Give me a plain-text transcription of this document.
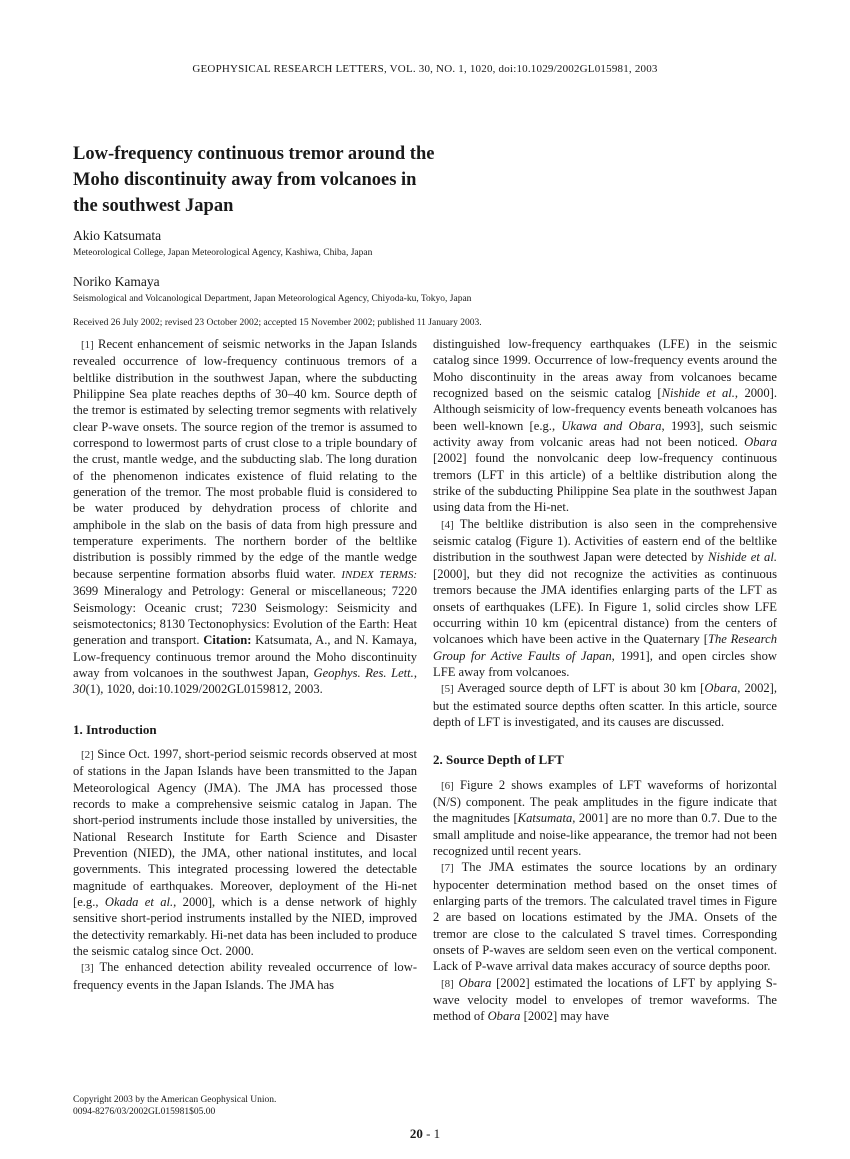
GEOPHYSICAL RESEARCH LETTERS, VOL. 30, NO. 1, 1020, doi:10.1029/2002GL015981, 2003
Low-frequency continuous tremor around the
Moho discontinuity away from volcanoes in
the southwest Japan
Akio Katsumata
Meteorological College, Japan Meteorological Agency, Kashiwa, Chiba, Japan
Noriko Kamaya
Seismological and Volcanological Department, Japan Meteorological Agency, Chiyoda-ku, Tokyo, Japan
Received 26 July 2002; revised 23 October 2002; accepted 15 November 2002; published 11 January 2003.

[ 1 ] Recent enhancement of seismic networks in the Japan Islands revealed occurrence of low-frequency continuous tremors of a beltlike distribution in the southwest Japan, where the subducting Philippine Sea plate reaches depths of 30–40 km. Source depth of the tremor is estimated by selecting tremor segments with relatively clear P-wave onsets. The source region of the tremor is assumed to correspond to lowermost parts of crust close to a triple boundary of the crust, mantle wedge, and the subducting slab. The long duration of the phenomenon indicates existence of fluid relating to the generation of the tremor. The most probable fluid is considered to be water produced by dehydration process of chlorite and amphibole in the slab on the basis of data from high pressure and temperature experiments. The northern border of the beltlike distribution is possibly rimmed by the edge of the mantle wedge because serpentine formation absorbs fluid water. INDEX TERMS: 3699 Mineralogy and Petrology: General or miscellaneous; 7220 Seismology: Oceanic crust; 7230 Seismology: Seismicity and seismotectonics; 8130 Tectonophysics: Evolution of the Earth: Heat generation and transport. Citation: Katsumata, A., and N. Kamaya, Low-frequency continuous tremor around the Moho discontinuity away from volcanoes in the southwest Japan, Geophys. Res. Lett., 30(1), 1020, doi:10.1029/2002GL0159812, 2003.

1. Introduction

[ 2 ] Since Oct. 1997, short-period seismic records observed at most of stations in the Japan Islands have been transmitted to the Japan Meteorological Agency (JMA). The JMA has processed those records to make a comprehensive seismic catalog in Japan. The short-period instruments include those installed by universities, the National Research Institute for Earth Science and Disaster Prevention (NIED), the JMA, other national institutes, and local governments. This integrated processing lowered the detectable magnitude of earthquakes. Moreover, deployment of the Hi-net [e.g., Okada et al., 2000], which is a dense network of highly sensitive short-period instruments installed by the NIED, improved the detectivity remarkably. Hi-net data has been included to produce the seismic catalog since Oct. 2000.

[ 3 ] The enhanced detection ability revealed occurrence of low-frequency events in the Japan Islands. The JMA has

distinguished low-frequency earthquakes (LFE) in the seismic catalog since 1999. Occurrence of low-frequency events around the Moho discontinuity in the areas away from volcanoes became recognized based on the seismic catalog [Nishide et al., 2000]. Although seismicity of low-frequency events beneath volcanoes has been well-known [e.g., Ukawa and Obara, 1993], such seismic activity away from volcanic areas had not been noticed. Obara [2002] found the nonvolcanic deep low-frequency continuous tremors (LFT in this article) of a beltlike distribution along the strike of the subducting Philippine Sea plate in the southwest Japan using data from the Hi-net.

[ 4 ] The beltlike distribution is also seen in the comprehensive seismic catalog (Figure 1). Activities of eastern end of the beltlike distribution in the southwest Japan were detected by Nishide et al. [2000], but they did not recognize the activities as continuous tremors because the JMA identifies enlarging parts of the LFT as onsets of earthquakes (LFE). In Figure 1, solid circles show LFE occurring within 10 km (epicentral distance) from the centers of volcanoes which have been active in the Quaternary [The Research Group for Active Faults of Japan, 1991], and open circles show LFE away from volcanoes.

[ 5 ] Averaged source depth of LFT is about 30 km [Obara, 2002], but the estimated source depths often scatter. In this article, source depth of LFT is investigated, and its causes are discussed.

2. Source Depth of LFT

[ 6 ] Figure 2 shows examples of LFT waveforms of horizontal (N/S) component. The peak amplitudes in the figure indicate that the magnitudes [Katsumata, 2001] are no more than 0.7. Due to the small amplitude and noise-like appearance, the tremor had not been recognized until recent years.

[ 7 ] The JMA estimates the source locations by an ordinary hypocenter determination method based on the onset times of enlarging parts of the tremors. The calculated travel times in Figure 2 are based on locations estimated by the JMA. Onsets of the tremor are close to the calculated S travel times. Corresponding onsets of P-waves are seldom seen even on the vertical component. Lack of P-wave arrival data makes accuracy of source depths poor.

[ 8 ] Obara [2002] estimated the locations of LFT by applying S-wave velocity model to envelopes of tremor waveforms. The method of Obara [2002] may have

Copyright 2003 by the American Geophysical Union.
0094-8276/03/2002GL015981$05.00
20 - 1
